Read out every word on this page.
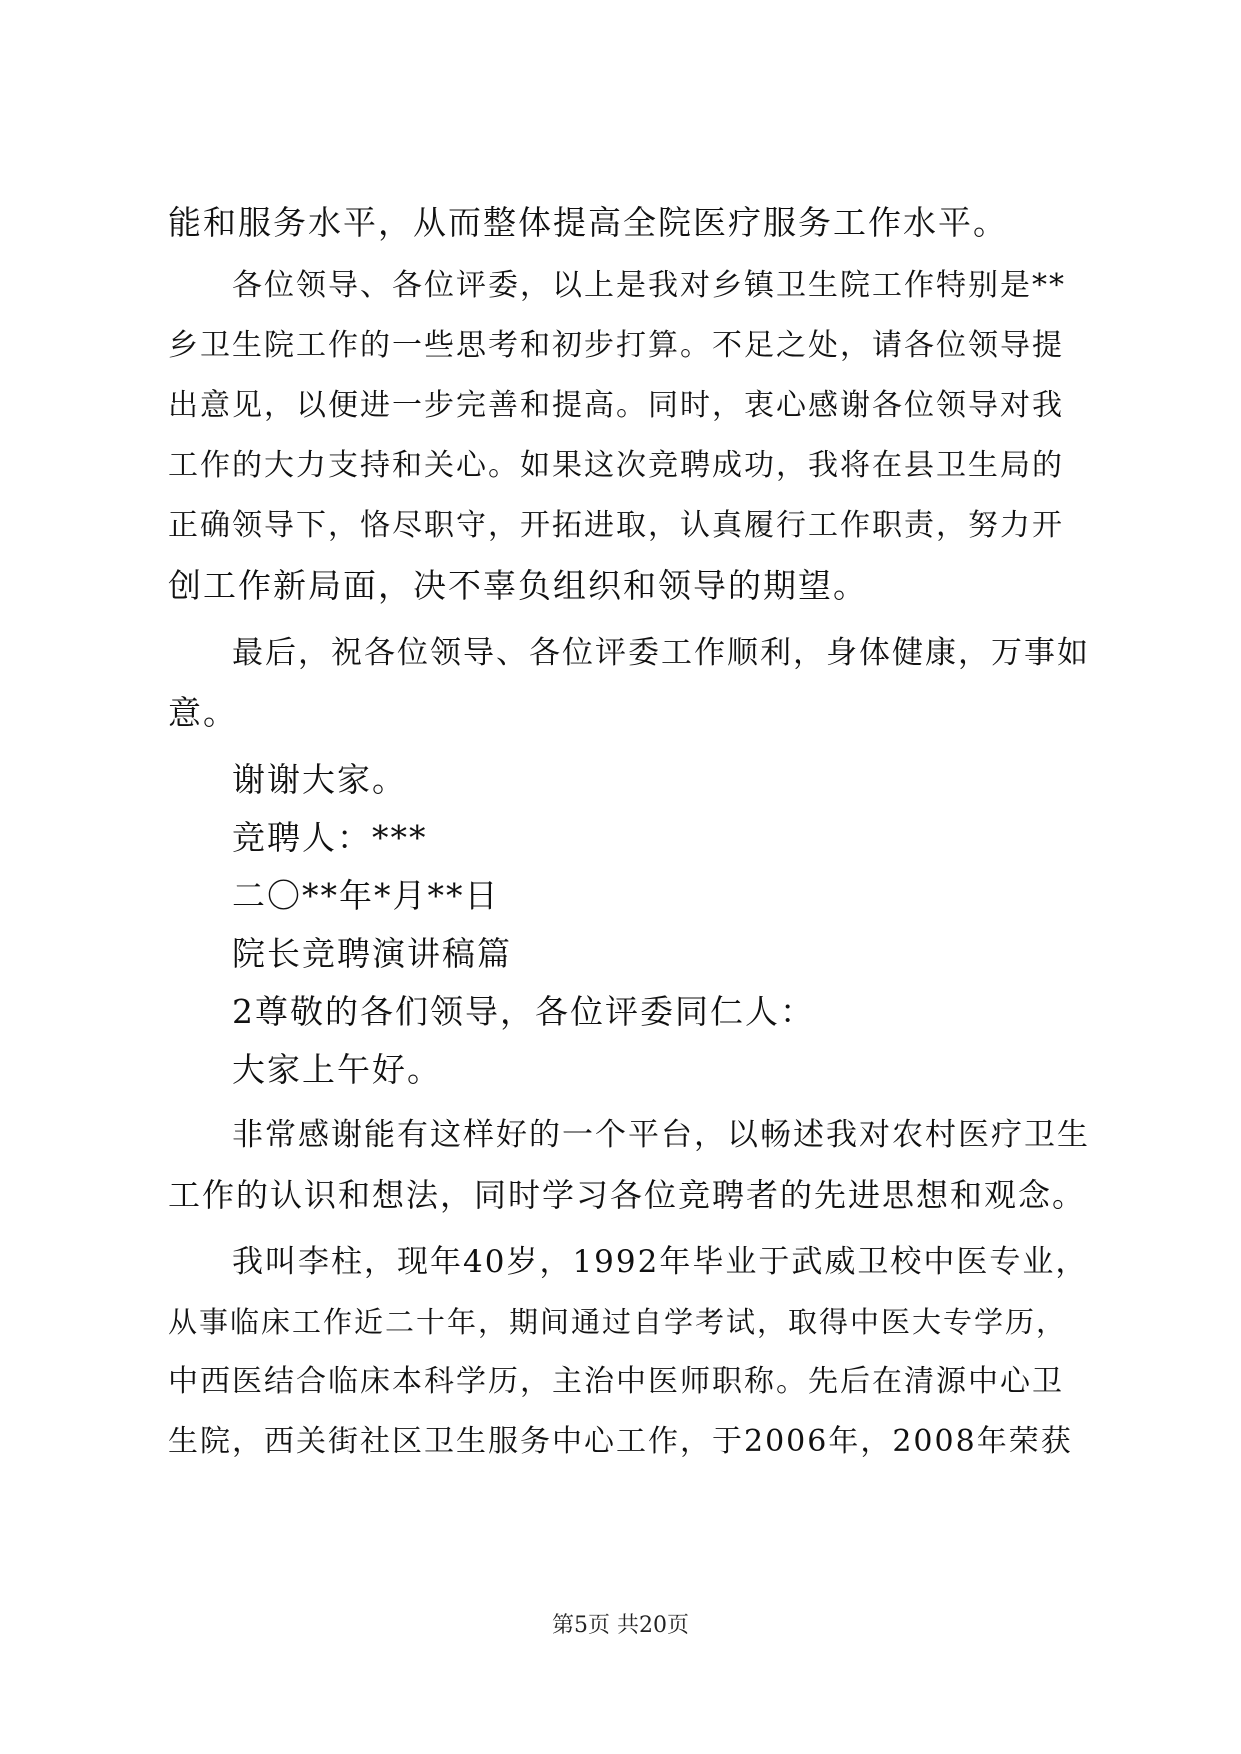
能和服务水平，从而整体提高全院医疗服务工作水平。
各位领导、各位评委，以上是我对乡镇卫生院工作特别是**
乡卫生院工作的一些思考和初步打算。不足之处，请各位领导提
出意见，以便进一步完善和提高。同时，衷心感谢各位领导对我
工作的大力支持和关心。如果这次竞聘成功，我将在县卫生局的
正确领导下，恪尽职守，开拓进取，认真履行工作职责，努力开
创工作新局面，决不辜负组织和领导的期望。
最后，祝各位领导、各位评委工作顺利，身体健康，万事如
意。
谢谢大家。
竞聘人：***
二〇**年*月**日
院长竞聘演讲稿篇
2尊敬的各们领导，各位评委同仁人：
大家上午好。
非常感谢能有这样好的一个平台，以畅述我对农村医疗卫生
工作的认识和想法，同时学习各位竞聘者的先进思想和观念。
我叫李柱，现年40岁，1992年毕业于武威卫校中医专业，
从事临床工作近二十年，期间通过自学考试，取得中医大专学历，
中西医结合临床本科学历，主治中医师职称。先后在清源中心卫
生院，西关街社区卫生服务中心工作，于2006年，2008年荣获
第5页 共20页
